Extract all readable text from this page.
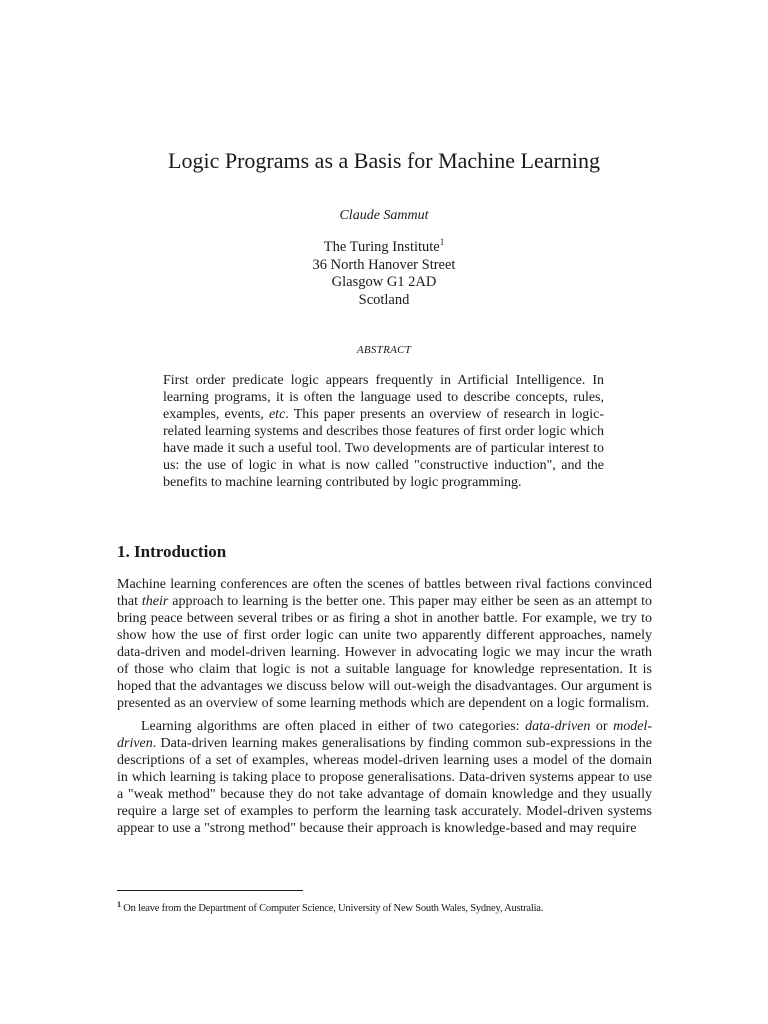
Logic Programs as a Basis for Machine Learning
Claude Sammut
The Turing Institute$^1$
36 North Hanover Street
Glasgow G1 2AD
Scotland
ABSTRACT
First order predicate logic appears frequently in Artificial Intelligence. In learning programs, it is often the language used to describe concepts, rules, examples, events, etc. This paper presents an overview of research in logic-related learning systems and describes those features of first order logic which have made it such a useful tool. Two developments are of particular interest to us: the use of logic in what is now called "constructive induction", and the benefits to machine learning contributed by logic programming.
1. Introduction

Machine learning conferences are often the scenes of battles between rival factions convinced that their approach to learning is the better one. This paper may either be seen as an attempt to bring peace between several tribes or as firing a shot in another battle. For example, we try to show how the use of first order logic can unite two apparently different approaches, namely data-driven and model-driven learning. However in advocating logic we may incur the wrath of those who claim that logic is not a suitable language for knowledge representation. It is hoped that the advantages we discuss below will out-weigh the disadvantages. Our argument is presented as an overview of some learning methods which are dependent on a logic formalism.

Learning algorithms are often placed in either of two categories: data-driven or model-driven. Data-driven learning makes generalisations by finding common sub-expressions in the descriptions of a set of examples, whereas model-driven learning uses a model of the domain in which learning is taking place to propose generalisations. Data-driven systems appear to use a "weak method" because they do not take advantage of domain knowledge and they usually require a large set of examples to perform the learning task accurately. Model-driven systems appear to use a "strong method" because their approach is knowledge-based and may require

$^1$ On leave from the Department of Computer Science, University of New South Wales, Sydney, Australia.
